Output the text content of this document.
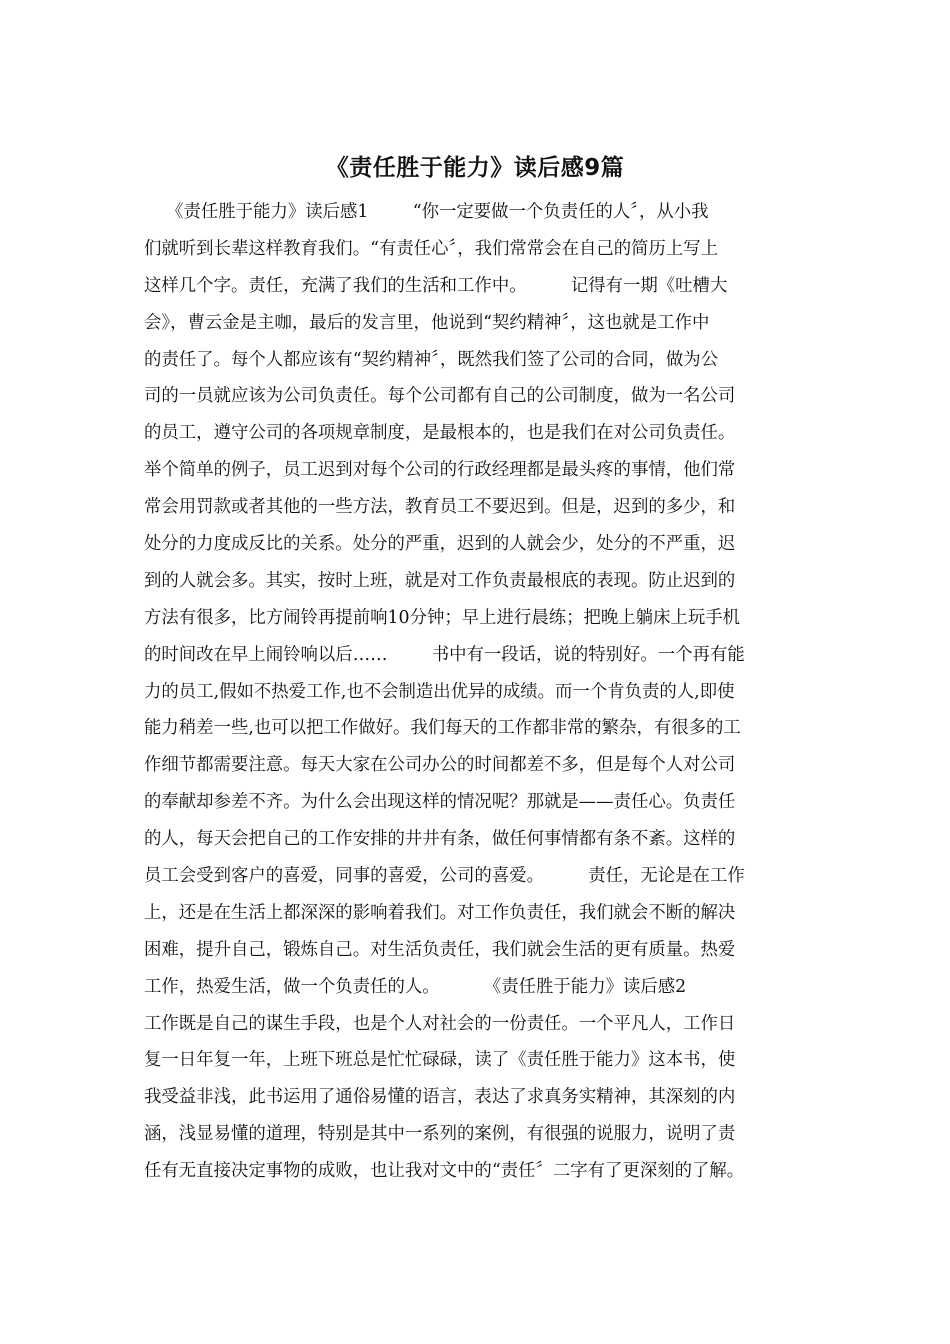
《责任胜于能力》读后感9篇
《责任胜于能力》读后感1        “你一定要做一个负责任的人〞，从小我
们就听到长辈这样教育我们。“有责任心〞，我们常常会在自己的简历上写上
这样几个字。责任，充满了我们的生活和工作中。        记得有一期《吐槽大
会》，曹云金是主咖，最后的发言里，他说到“契约精神〞，这也就是工作中
的责任了。每个人都应该有“契约精神〞，既然我们签了公司的合同，做为公
司的一员就应该为公司负责任。每个公司都有自己的公司制度，做为一名公司
的员工，遵守公司的各项规章制度，是最根本的，也是我们在对公司负责任。
举个简单的例子，员工迟到对每个公司的行政经理都是最头疼的事情，他们常
常会用罚款或者其他的一些方法，教育员工不要迟到。但是，迟到的多少，和
处分的力度成反比的关系。处分的严重，迟到的人就会少，处分的不严重，迟
到的人就会多。其实，按时上班，就是对工作负责最根底的表现。防止迟到的
方法有很多，比方闹铃再提前响10分钟；早上进行晨练；把晚上躺床上玩手机
的时间改在早上闹铃响以后……        书中有一段话，说的特别好。一个再有能
力的员工,假如不热爱工作,也不会制造出优异的成绩。而一个肯负责的人,即使
能力稍差一些,也可以把工作做好。我们每天的工作都非常的繁杂，有很多的工
作细节都需要注意。每天大家在公司办公的时间都差不多，但是每个人对公司
的奉献却参差不齐。为什么会出现这样的情况呢？那就是——责任心。负责任
的人，每天会把自己的工作安排的井井有条，做任何事情都有条不紊。这样的
员工会受到客户的喜爱，同事的喜爱，公司的喜爱。        责任，无论是在工作
上，还是在生活上都深深的影响着我们。对工作负责任，我们就会不断的解决
困难，提升自己，锻炼自己。对生活负责任，我们就会生活的更有质量。热爱
工作，热爱生活，做一个负责任的人。        《责任胜于能力》读后感2
工作既是自己的谋生手段，也是个人对社会的一份责任。一个平凡人，工作日
复一日年复一年，上班下班总是忙忙碌碌，读了《责任胜于能力》这本书，使
我受益非浅，此书运用了通俗易懂的语言，表达了求真务实精神，其深刻的内
涵，浅显易懂的道理，特别是其中一系列的案例，有很强的说服力，说明了责
任有无直接决定事物的成败，也让我对文中的“责任〞二字有了更深刻的了解。
